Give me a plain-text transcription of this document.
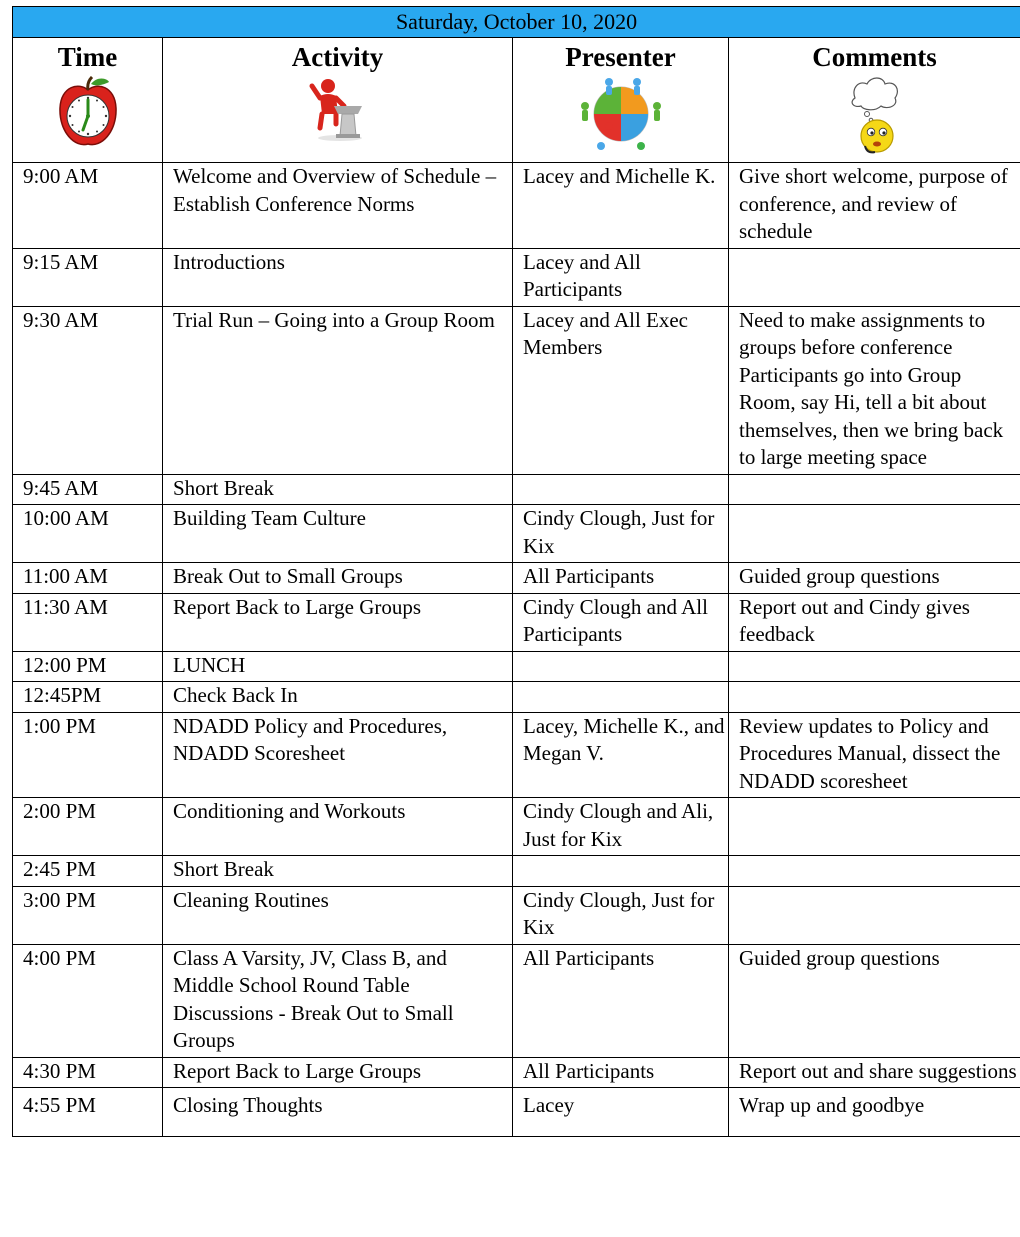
Saturday, October 10, 2020			

Time	Activity	Presenter	Comments

9:00 AM	Welcome and Overview of Schedule – Establish Conference Norms	Lacey and Michelle K.	Give short welcome, purpose of conference, and review of schedule
9:15 AM	Introductions	Lacey and All Participants	
9:30 AM	Trial Run – Going into a Group Room	Lacey and All Exec Members	Need to make assignments to groups before conference Participants go into Group Room, say Hi, tell a bit about themselves, then we bring back to large meeting space
9:45 AM	Short Break		
10:00 AM	Building Team Culture	Cindy Clough, Just for Kix	
11:00 AM	Break Out to Small Groups	All Participants	Guided group questions
11:30 AM	Report Back to Large Groups	Cindy Clough and All Participants	Report out and Cindy gives feedback
12:00 PM	LUNCH		
12:45PM	Check Back In		
1:00 PM	NDADD Policy and Procedures, NDADD Scoresheet	Lacey, Michelle K., and Megan V.	Review updates to Policy and Procedures Manual, dissect the NDADD scoresheet
2:00 PM	Conditioning and Workouts	Cindy Clough and Ali, Just for Kix	
2:45 PM	Short Break		
3:00 PM	Cleaning Routines	Cindy Clough, Just for Kix	
4:00 PM	Class A Varsity, JV, Class B, and Middle School Round Table Discussions - Break Out to Small Groups	All Participants	Guided group questions
4:30 PM	Report Back to Large Groups	All Participants	Report out and share suggestions
4:55 PM	Closing Thoughts	Lacey	Wrap up and goodbye
